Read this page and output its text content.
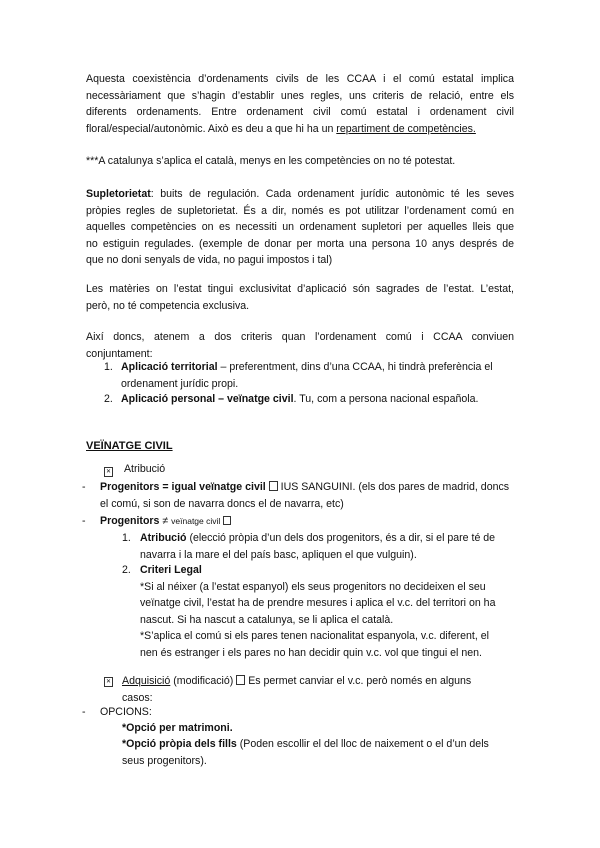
Aquesta coexistència d’ordenaments civils de les CCAA i el comú estatal implica
necessàriament que s’hagin d’establir unes regles, uns criteris de relació, entre els
diferents ordenaments. Entre ordenament civil comú estatal i ordenament civil
floral/especial/autonòmic. Això es deu a que hi ha un repartiment de competències.
***A catalunya s’aplica el català, menys en les competències on no té potestat.
Supletorietat: buits de regulación. Cada ordenament jurídic autonòmic té les seves
pròpies regles de supletorietat. És a dir, només es pot utilitzar l’ordenament comú en
aquelles competències on es necessiti un ordenament supletori per aquelles lleis que
no estiguin regulades. (exemple de donar per morta una persona 10 anys després de
que no doni senyals de vida, no pagui impostos i tal)
Les matèries on l’estat tingui exclusivitat d’aplicació són sagrades de l’estat. L’estat,
però, no té competencia exclusiva.
Així doncs, atenem a dos criteris quan l’ordenament comú i CCAA conviuen
conjuntament:
1. Aplicació territorial – preferentment, dins d’una CCAA, hi tindrà preferència el
ordenament jurídic propi.
2. Aplicació personal – veïnatge civil. Tu, com a persona nacional española.
VEÏNATGE CIVIL
✕ Atribució
- Progenitors = igual veïnatge civil  IUS SANGUINI. (els dos pares de madrid, doncs
el comú, si son de navarra doncs el de navarra, etc)
- Progenitors ≠ veïnatge civil
1. Atribució (elecció pròpia d’un dels dos progenitors, és a dir, si el pare té de
navarra i la mare el del país basc, apliquen el que vulguin).
2. Criteri Legal
*Si al néixer (a l’estat espanyol) els seus progenitors no decideixen el seu
veïnatge civil, l’estat ha de prendre mesures i aplica el v.c. del territori on ha
nascut. Si ha nascut a catalunya, se li aplica el català.
*S’aplica el comú si els pares tenen nacionalitat espanyola, v.c. diferent, el
nen és estranger i els pares no han decidir quin v.c. vol que tingui el nen.
✕ Adquisició (modificació)  Es permet canviar el v.c. però només en alguns
casos:
- OPCIONS:
*Opció per matrimoni.
*Opció pròpia dels fills (Poden escollir el del lloc de naixement o el d’un dels
seus progenitors).
